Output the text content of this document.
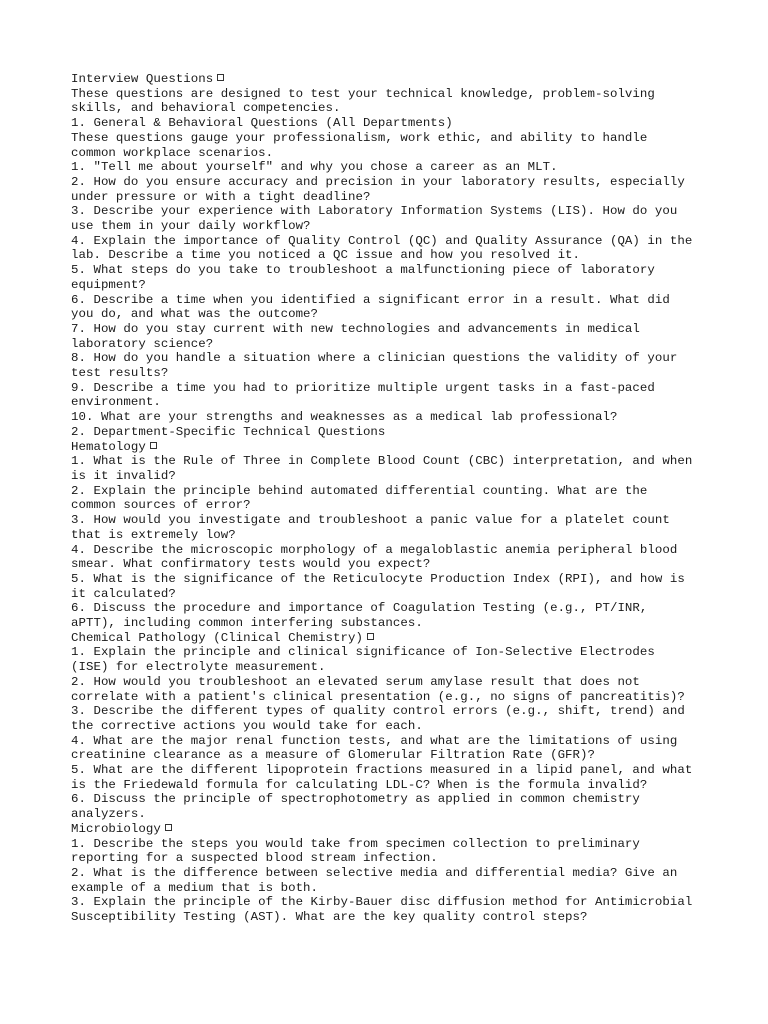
Interview Questions
These questions are designed to test your technical knowledge, problem-solving
skills, and behavioral competencies.
1. General & Behavioral Questions (All Departments)
These questions gauge your professionalism, work ethic, and ability to handle
common workplace scenarios.
1. "Tell me about yourself" and why you chose a career as an MLT.
2. How do you ensure accuracy and precision in your laboratory results, especially
under pressure or with a tight deadline?
3. Describe your experience with Laboratory Information Systems (LIS). How do you
use them in your daily workflow?
4. Explain the importance of Quality Control (QC) and Quality Assurance (QA) in the
lab. Describe a time you noticed a QC issue and how you resolved it.
5. What steps do you take to troubleshoot a malfunctioning piece of laboratory
equipment?
6. Describe a time when you identified a significant error in a result. What did
you do, and what was the outcome?
7. How do you stay current with new technologies and advancements in medical
laboratory science?
8. How do you handle a situation where a clinician questions the validity of your
test results?
9. Describe a time you had to prioritize multiple urgent tasks in a fast-paced
environment.
10. What are your strengths and weaknesses as a medical lab professional?
2. Department-Specific Technical Questions
Hematology
1. What is the Rule of Three in Complete Blood Count (CBC) interpretation, and when
is it invalid?
2. Explain the principle behind automated differential counting. What are the
common sources of error?
3. How would you investigate and troubleshoot a panic value for a platelet count
that is extremely low?
4. Describe the microscopic morphology of a megaloblastic anemia peripheral blood
smear. What confirmatory tests would you expect?
5. What is the significance of the Reticulocyte Production Index (RPI), and how is
it calculated?
6. Discuss the procedure and importance of Coagulation Testing (e.g., PT/INR,
aPTT), including common interfering substances.
Chemical Pathology (Clinical Chemistry)
1. Explain the principle and clinical significance of Ion-Selective Electrodes
(ISE) for electrolyte measurement.
2. How would you troubleshoot an elevated serum amylase result that does not
correlate with a patient's clinical presentation (e.g., no signs of pancreatitis)?
3. Describe the different types of quality control errors (e.g., shift, trend) and
the corrective actions you would take for each.
4. What are the major renal function tests, and what are the limitations of using
creatinine clearance as a measure of Glomerular Filtration Rate (GFR)?
5. What are the different lipoprotein fractions measured in a lipid panel, and what
is the Friedewald formula for calculating LDL-C? When is the formula invalid?
6. Discuss the principle of spectrophotometry as applied in common chemistry
analyzers.
Microbiology
1. Describe the steps you would take from specimen collection to preliminary
reporting for a suspected blood stream infection.
2. What is the difference between selective media and differential media? Give an
example of a medium that is both.
3. Explain the principle of the Kirby-Bauer disc diffusion method for Antimicrobial
Susceptibility Testing (AST). What are the key quality control steps?
